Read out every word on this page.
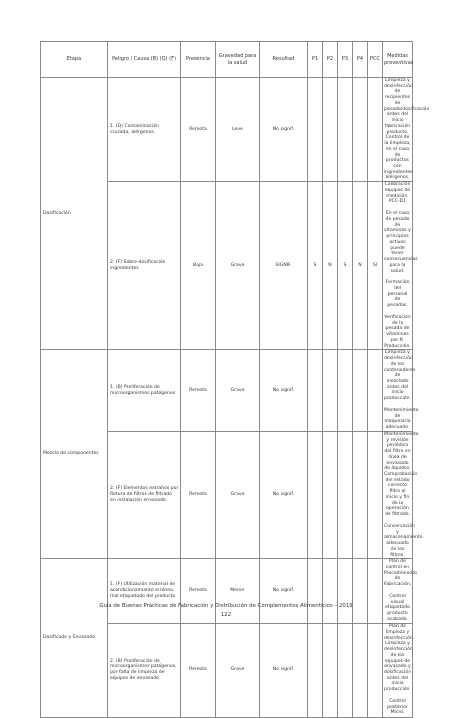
Etapa	Peligro / Causa (B) (Q) (F)	Presencia	Gravedad para la salud	Resultad	P1	P2	P3	P4	PCC	Medidas preventivas
Dosificación	1. (Q) Contaminación cruzada, alérgenos.	Remota	Leve	No signif.						Limpieza y desinfección de recipientes de pesado/dosificación antes del inicio fabricación producto. Control de la limpieza, en el caso de productos con ingredientes alérgenos.

	2. (F) Sobre-dosificación ingredientes	Baja	Grave	SIGNIF.	S	N	S	N	SI	Calibración equipos de medición. PCC-D1
En el caso de pesado de vitaminas y principios activos puede tener consecuencias para la salud.
Formación del personal de pesadas.
Verificación de la pesada de vitaminas por R. Producción.

Mezcla de componentes	1. (B) Proliferación de microorganismos patógenos	Remota	Grave	No signif.						Limpieza y desinfección de los contenedores de mezclado antes del inicio producción.
Mantenimiento de maquinaria adecuado.

	2. (F) Elementos extraños por Rotura de filtros de filtrado en instalación envasado.	Remota	Grave	No signif.						Mantenimiento y revisión periódica del filtro en línea de envasado de líquidos. Comprobación del estado correcto filtro al inicio y fin de la operación de filtrado.
Conservación y almacenamiento adecuado de los filtros.

Dosificado y Envasado	1. (F) Utilización material de acondicionamiento erróneo, mal etiquetado del producto.	Remota	Menor	No signif.						Plan de control en Procedimiento de Fabricación.
Control visual etiquetado producto acabado.

	2. (B) Proliferación de microorganismos patógenos, por falta de limpieza de equipos de envasado	Remota	Grave	No signif.						Plan de limpieza y desinfección. Limpieza y desinfección de los equipos de envasado y dosificación antes del inicio producción.
Control posterior Micro.
Guía de Buenas Prácticas de Fabricación y Distribución de Complementos Alimenticios – 2019
122
